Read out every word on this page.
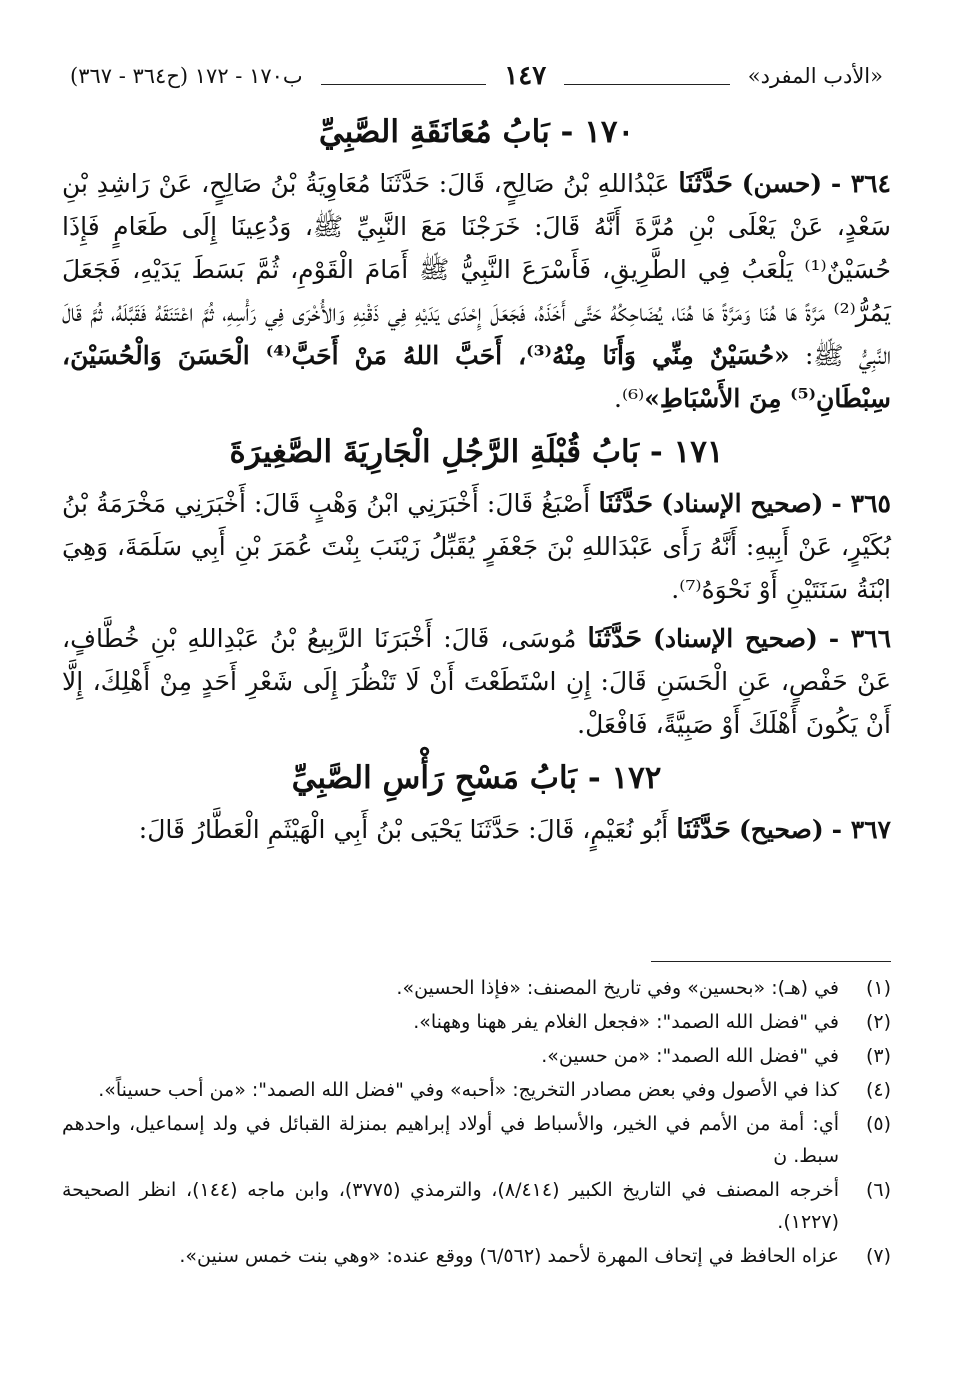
«الأدب المفرد»
١٤٧
ب١٧٠ - ١٧٢ (ح٣٦٤ - ٣٦٧)
١٧٠ - بَابُ مُعَانَقَةِ الصَّبِيِّ

٣٦٤ - (حسن) حَدَّثَنَا عَبْدُاللهِ بْنُ صَالِحٍ، قَالَ: حَدَّثَنَا مُعَاوِيَةُ بْنُ صَالِحٍ، عَنْ رَاشِدِ بْنِ سَعْدٍ، عَنْ يَعْلَى بْنِ مُرَّةَ أَنَّهُ قَالَ: خَرَجْنَا مَعَ النَّبِيِّ ﷺ، وَدُعِينَا إِلَى طَعَامٍ فَإِذَا حُسَيْنٌ⁽¹⁾ يَلْعَبُ فِي الطَّرِيقِ، فَأَسْرَعَ النَّبِيُّ ﷺ أَمَامَ الْقَوْمِ، ثُمَّ بَسَطَ يَدَيْهِ، فَجَعَلَ يَمُرُّ⁽²⁾ مَرَّةً هَا هُنَا وَمَرَّةً هَا هُنَا، يُضَاحِكُهُ حَتَّى أَخَذَهُ، فَجَعَلَ إِحْدَى يَدَيْهِ فِي ذَقْنِهِ وَالأُخْرَى فِي رَأْسِهِ، ثُمَّ اعْتَنَقَهُ فَقَبَّلَهُ، ثُمَّ قَالَ النَّبِيُّ ﷺ: «حُسَيْنٌ مِنِّي وَأَنَا مِنْهُ⁽³⁾، أَحَبَّ اللهُ مَنْ أَحَبَّ⁽⁴⁾ الْحَسَنَ وَالْحُسَيْنَ، سِبْطَانِ⁽⁵⁾ مِنَ الأَسْبَاطِ»⁽⁶⁾.

١٧١ - بَابُ قُبْلَةِ الرَّجُلِ الْجَارِيَةَ الصَّغِيرَةَ

٣٦٥ - (صحيح الإسناد) حَدَّثَنَا أَصْبَغُ قَالَ: أَخْبَرَنِي ابْنُ وَهْبٍ قَالَ: أَخْبَرَنِي مَخْرَمَةُ بْنُ بُكَيْرٍ، عَنْ أَبِيهِ: أَنَّهُ رَأَى عَبْدَاللهِ بْنَ جَعْفَرٍ يُقَبِّلُ زَيْنَبَ بِنْتَ عُمَرَ بْنِ أَبِي سَلَمَةَ، وَهِيَ ابْنَةُ سَنَتَيْنِ أَوْ نَحْوَهُ⁽⁷⁾.

٣٦٦ - (صحيح الإسناد) حَدَّثَنَا مُوسَى، قَالَ: أَخْبَرَنَا الرَّبِيعُ بْنُ عَبْدِاللهِ بْنِ خُطَّافٍ، عَنْ حَفْصٍ، عَنِ الْحَسَنِ قَالَ: إِنِ اسْتَطَعْتَ أَنْ لَا تَنْظُرَ إِلَى شَعْرِ أَحَدٍ مِنْ أَهْلِكَ، إِلَّا أَنْ يَكُونَ أَهْلَكَ أَوْ صَبِيَّةً، فَافْعَلْ.

١٧٢ - بَابُ مَسْحِ رَأْسِ الصَّبِيِّ

٣٦٧ - (صحيح) حَدَّثَنَا أَبُو نُعَيْمٍ، قَالَ: حَدَّثَنَا يَحْيَى بْنُ أَبِي الْهَيْثَمِ الْعَطَّارُ قَالَ:

(١)
في (هـ): «بحسين» وفي تاريخ المصنف: «فإذا الحسين».
(٢)
في "فضل الله الصمد": «فجعل الغلام يفر ههنا وههنا».
(٣)
في "فضل الله الصمد": «من حسين».
(٤)
كذا في الأصول وفي بعض مصادر التخريج: «أحبه» وفي "فضل الله الصمد": «من أحب حسيناً».
(٥)
أي: أمة من الأمم في الخير، والأسباط في أولاد إبراهيم بمنزلة القبائل في ولد إسماعيل، واحدهم سبط. ن
(٦)
أخرجه المصنف في التاريخ الكبير (٨/٤١٤)، والترمذي (٣٧٧٥)، وابن ماجه (١٤٤)، انظر الصحيحة (١٢٢٧).
(٧)
عزاه الحافظ في إتحاف المهرة لأحمد (٦/٥٦٢) ووقع عنده: «وهي بنت خمس سنين».
